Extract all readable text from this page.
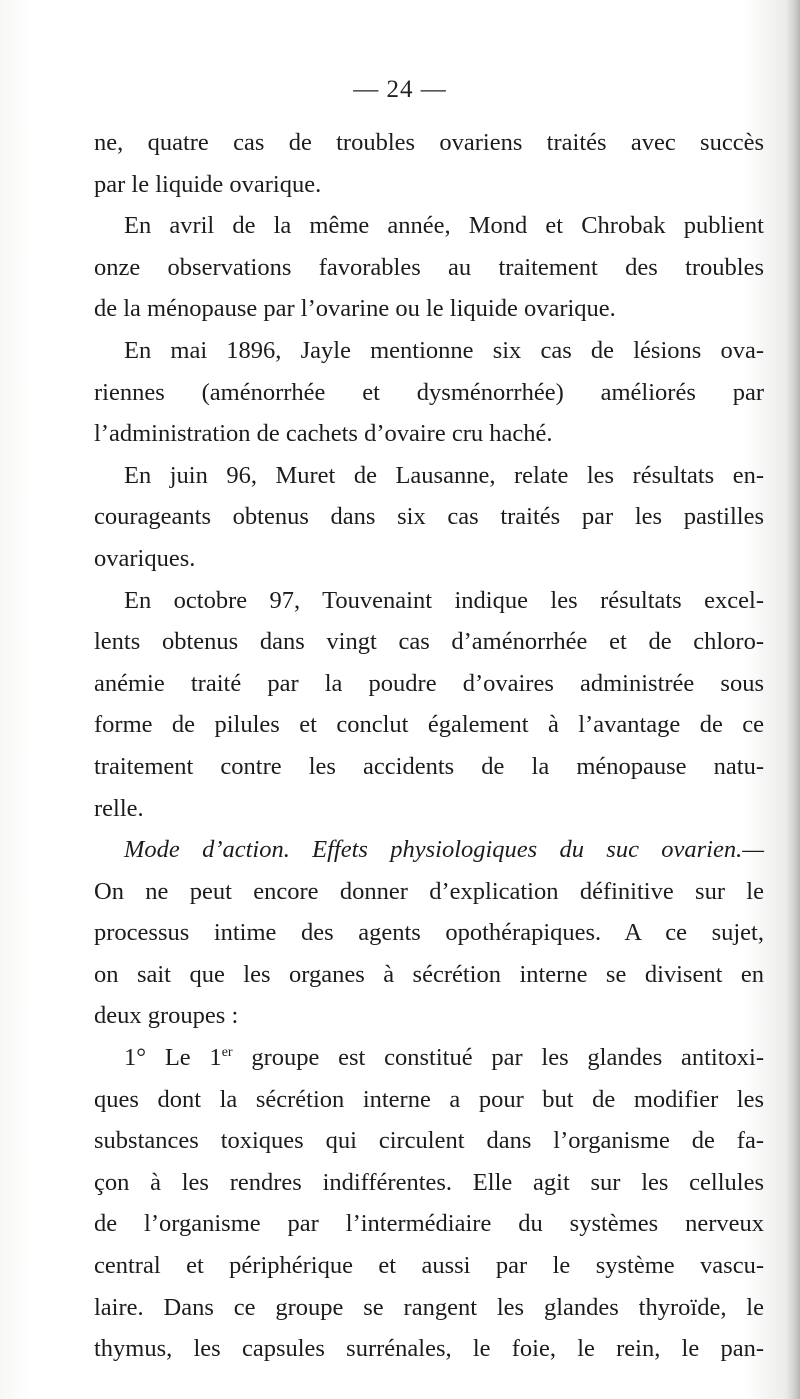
— 24 —
ne, quatre cas de troubles ovariens traités avec succès
par le liquide ovarique.
En avril de la même année, Mond et Chrobak publient
onze observations favorables au traitement des troubles
de la ménopause par l’ovarine ou le liquide ovarique.
En mai 1896, Jayle mentionne six cas de lésions ova-
riennes (aménorrhée et dysménorrhée) améliorés par
l’administration de cachets d’ovaire cru haché.
En juin 96, Muret de Lausanne, relate les résultats en-
courageants obtenus dans six cas traités par les pastilles
ovariques.
En octobre 97, Touvenaint indique les résultats excel-
lents obtenus dans vingt cas d’aménorrhée et de chloro-
anémie traité par la poudre d’ovaires administrée sous
forme de pilules et conclut également à l’avantage de ce
traitement contre les accidents de la ménopause natu-
relle.
Mode d’action. Effets physiologiques du suc ovarien.—
On ne peut encore donner d’explication définitive sur le
processus intime des agents opothérapiques. A ce sujet,
on sait que les organes à sécrétion interne se divisent en
deux groupes :
1° Le 1er groupe est constitué par les glandes antitoxi-
ques dont la sécrétion interne a pour but de modifier les
substances toxiques qui circulent dans l’organisme de fa-
çon à les rendres indifférentes. Elle agit sur les cellules
de l’organisme par l’intermédiaire du systèmes nerveux
central et périphérique et aussi par le système vascu-
laire. Dans ce groupe se rangent les glandes thyroïde, le
thymus, les capsules surrénales, le foie, le rein, le pan-
